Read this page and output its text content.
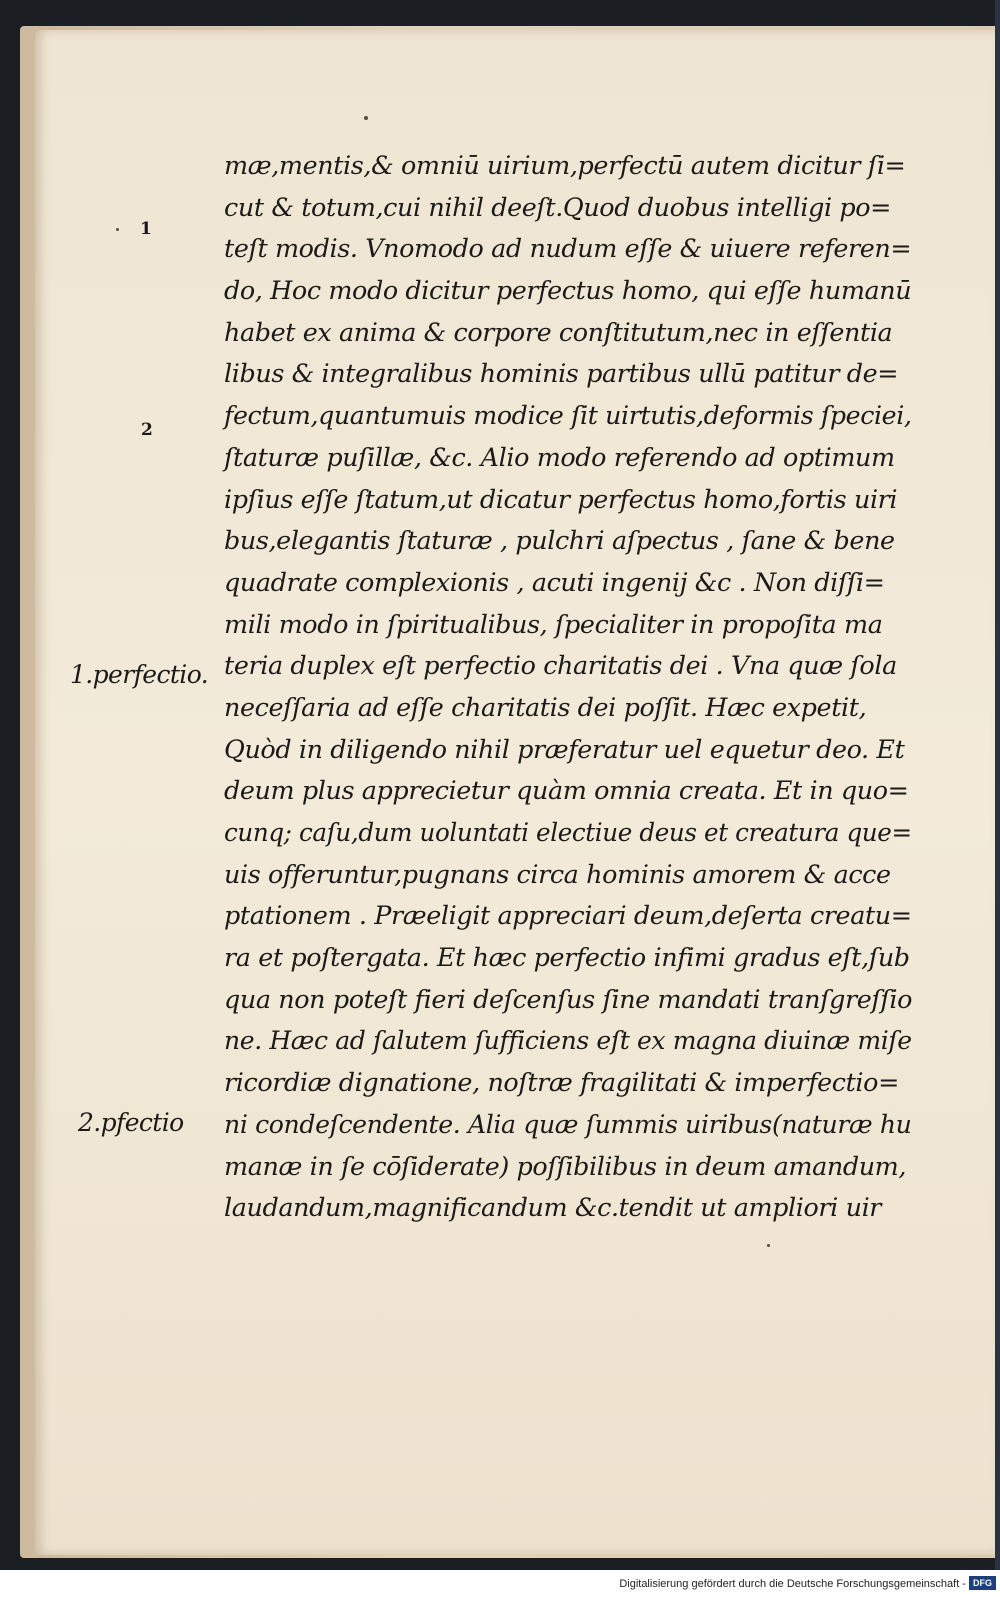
mæ,mentis,& omniū uirium,perfectū autem dicitur ſi=
cut & totum,cui nihil deeſt.Quod duobus intelligi po=
teſt modis. Vnomodo ad nudum eſſe & uiuere referen=
do, Hoc modo dicitur perfectus homo, qui eſſe humanū
habet ex anima & corpore conſtitutum,nec in eſſentia
libus & integralibus hominis partibus ullū patitur de=
fectum,quantumuis modice ſit uirtutis,deformis ſpeciei,
ſtaturæ puſillæ, &c. Alio modo referendo ad optimum
ipſius eſſe ſtatum,ut dicatur perfectus homo,fortis uiri
bus,elegantis ſtaturæ , pulchri aſpectus , ſane & bene
quadrate complexionis , acuti ingenij &c . Non diſſi=
mili modo in ſpiritualibus, ſpecialiter in propoſita ma
teria duplex eſt perfectio charitatis dei . Vna quæ ſola
neceſſaria ad eſſe charitatis dei poſſit. Hæc expetit,
Quòd in diligendo nihil præferatur uel equetur deo. Et
deum plus apprecietur quàm omnia creata. Et in quo=
cunq; caſu,dum uoluntati electiue deus et creatura que=
uis offeruntur,pugnans circa hominis amorem & acce
ptationem . Præeligit appreciari deum,deſerta creatu=
ra et poſtergata. Et hæc perfectio infimi gradus eſt,ſub
qua non poteſt fieri deſcenſus ſine mandati tranſgreſſio
ne. Hæc ad ſalutem ſufficiens eſt ex magna diuinæ miſe
ricordiæ dignatione, noſtræ fragilitati & imperfectio=
ni condeſcendente. Alia quæ ſummis uiribus(naturæ hu
manæ in ſe cōſiderate) poſſibilibus in deum amandum,
laudandum,magnificandum &c.tendit ut ampliori uir
1
2
1.perfectio.
2.pfectio
Digitalisierung gefördert durch die Deutsche Forschungsgemeinschaft - DFG
